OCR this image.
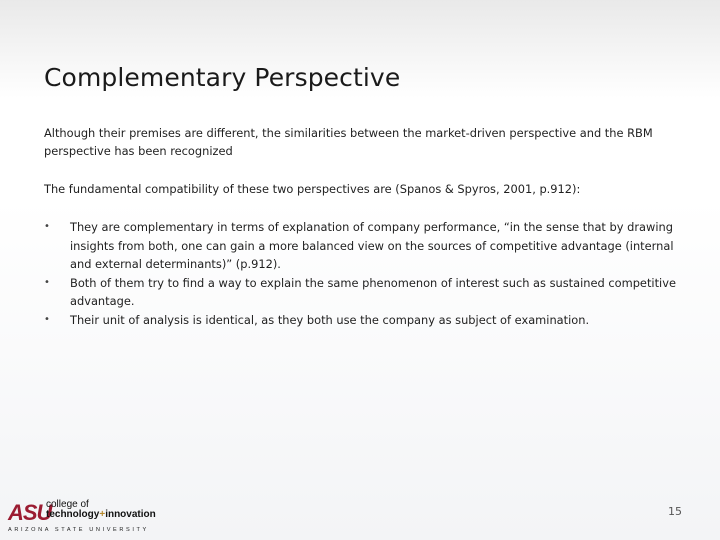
Complementary Perspective

Although their premises are different, the similarities between the market-driven perspective and the RBM perspective has been recognized

The fundamental compatibility of these two perspectives are (Spanos & Spyros, 2001, p.912):

• They are complementary in terms of explanation of company performance, “in the sense that by drawing insights from both, one can gain a more balanced view on the sources of competitive advantage (internal and external determinants)” (p.912).
• Both of them try to find a way to explain the same phenomenon of interest such as sustained competitive advantage.
• Their unit of analysis is identical, as they both use the company as subject of examination.
ASU
college of
technology+innovation
ARIZONA STATE UNIVERSITY
15
